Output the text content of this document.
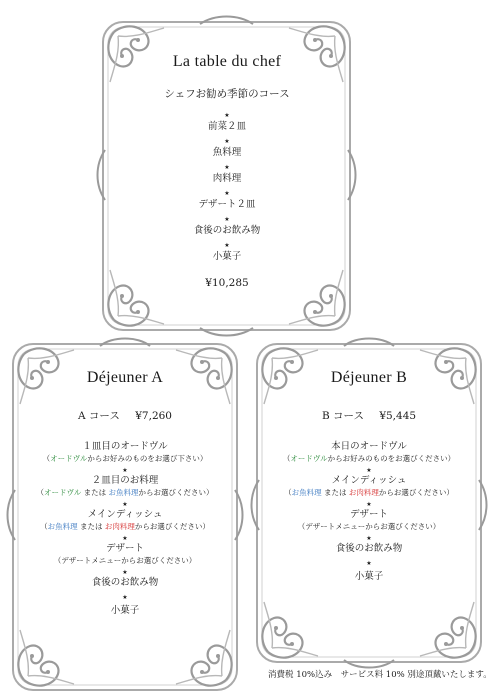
La table du chef
シェフお勧め季節のコース
★
前菜２皿
★
魚料理
★
肉料理
★
デザート２皿
★
食後のお飲み物
★
小菓子
¥10,285
Déjeuner A
A コース ¥7,260
１皿目のオードヴル
（オードヴルからお好みのものをお選び下さい）
★
２皿目のお料理
（オードヴル または お魚料理からお選びください）
★
メインディッシュ
（お魚料理 または お肉料理からお選びください）
★
デザート
（デザートメニューからお選びください）
★
食後のお飲み物
★
小菓子
Déjeuner B
B コース ¥5,445
本日のオードヴル
（オードヴルからお好みのものをお選びください）
★
メインディッシュ
（お魚料理 または お肉料理からお選びください）
★
デザート
（デザートメニューからお選びください）
★
食後のお飲み物
★
小菓子
消費税 10%込み　サービス料 10% 別途頂戴いたします。
